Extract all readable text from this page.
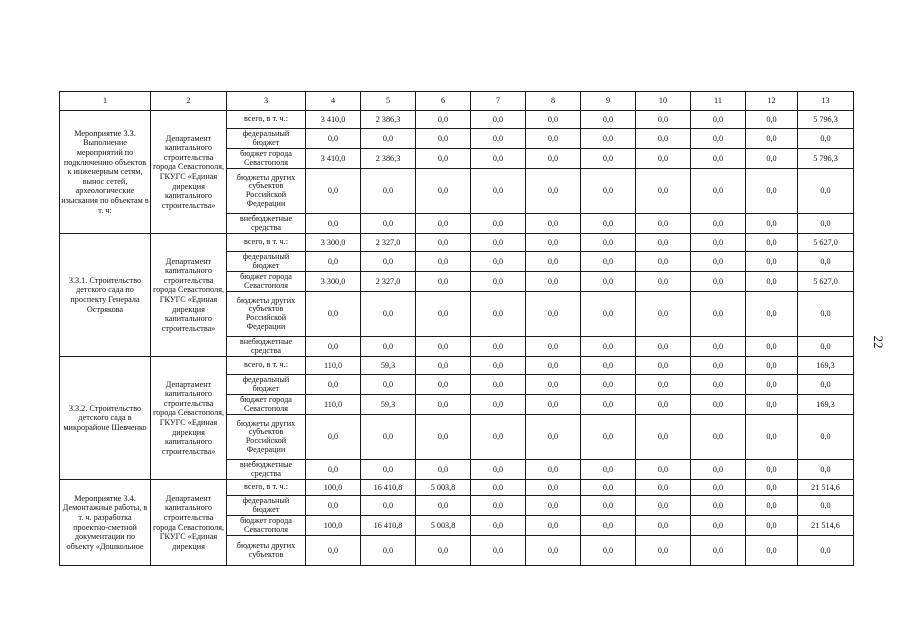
1	2	3	4	5	6	7	8	9	10	11	12	13
Мероприятие 3.3. Выполнение мероприятий по подключению объектов к инженерным сетям, вынос сетей, археологические изыскания по объектам в т. ч:	Департамент капитального строительства города Севастополя, ГКУГС «Единая дирекция капитального строительства»	всего, в т. ч.:	3 410,0	2 386,3	0,0	0,0	0,0	0,0	0,0	0,0	0,0	5 796,3
		федеральный бюджет	0,0	0,0	0,0	0,0	0,0	0,0	0,0	0,0	0,0	0,0
		бюджет города Севастополя	3 410,0	2 386,3	0,0	0,0	0,0	0,0	0,0	0,0	0,0	5 796,3
		бюджеты других субъектов Российской Федерации	0,0	0,0	0,0	0,0	0,0	0,0	0,0	0,0	0,0	0,0
		внебюджетные средства	0,0	0,0	0,0	0,0	0,0	0,0	0,0	0,0	0,0	0,0
3.3.1. Строительство детского сада по проспекту Генерала Острякова	Департамент капитального строительства города Севастополя, ГКУГС «Единая дирекция капитального строительства»	всего, в т. ч.:	3 300,0	2 327,0	0,0	0,0	0,0	0,0	0,0	0,0	0,0	5 627,0
		федеральный бюджет	0,0	0,0	0,0	0,0	0,0	0,0	0,0	0,0	0,0	0,0
		бюджет города Севастополя	3 300,0	2 327,0	0,0	0,0	0,0	0,0	0,0	0,0	0,0	5 627,0
		бюджеты других субъектов Российской Федерации	0,0	0,0	0,0	0,0	0,0	0,0	0,0	0,0	0,0	0,0
		внебюджетные средства	0,0	0,0	0,0	0,0	0,0	0,0	0,0	0,0	0,0	0,0
3.3.2. Строительство детского сада в микрорайоне Шевченко	Департамент капитального строительства города Севастополя, ГКУГС «Единая дирекция капитального строительства»	всего, в т. ч.:	110,0	59,3	0,0	0,0	0,0	0,0	0,0	0,0	0,0	169,3
		федеральный бюджет	0,0	0,0	0,0	0,0	0,0	0,0	0,0	0,0	0,0	0,0
		бюджет города Севастополя	110,0	59,3	0,0	0,0	0,0	0,0	0,0	0,0	0,0	169,3
		бюджеты других субъектов Российской Федерации	0,0	0,0	0,0	0,0	0,0	0,0	0,0	0,0	0,0	0,0
		внебюджетные средства	0,0	0,0	0,0	0,0	0,0	0,0	0,0	0,0	0,0	0,0
Мероприятие 3.4. Демонтажные работы, в т. ч. разработка проектно-сметной документации по объекту «Дошкольное	Департамент капитального строительства города Севастополя, ГКУГС «Единая дирекция	всего, в т. ч.:	100,0	16 410,8	5 003,8	0,0	0,0	0,0	0,0	0,0	0,0	21 514,6
		федеральный бюджет	0,0	0,0	0,0	0,0	0,0	0,0	0,0	0,0	0,0	0,0
		бюджет города Севастополя	100,0	16 410,8	5 003,8	0,0	0,0	0,0	0,0	0,0	0,0	21 514,6
		бюджеты других субъектов	0,0	0,0	0,0	0,0	0,0	0,0	0,0	0,0	0,0	0,0
22
